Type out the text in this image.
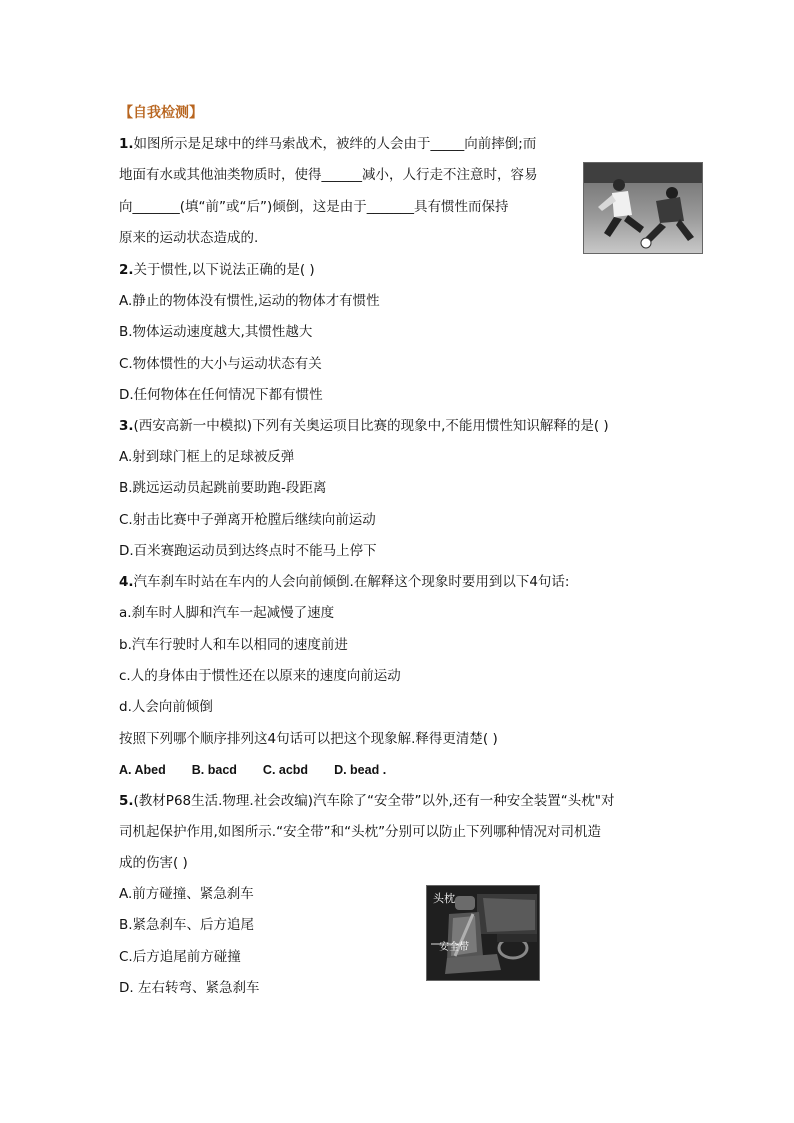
【自我检测】
1.如图所示是足球中的绊马索战术，被绊的人会由于_____向前摔倒;而
地面有水或其他油类物质时，使得______减小，人行走不注意时，容易
向_______(填“前”或“后”)倾倒，这是由于_______具有惯性而保持
原来的运动状态造成的.
2.关于惯性,以下说法正确的是( )
A.静止的物体没有惯性,运动的物体才有惯性
B.物体运动速度越大,其惯性越大
C.物体惯性的大小与运动状态有关
D.任何物体在任何情况下都有惯性
3.(西安高新一中模拟)下列有关奥运项目比赛的现象中,不能用惯性知识解释的是( )
A.射到球门框上的足球被反弹
B.跳远运动员起跳前要助跑-段距离
C.射击比赛中子弹离开枪膛后继续向前运动
D.百米赛跑运动员到达终点时不能马上停下
4.汽车刹车时站在车内的人会向前倾倒.在解释这个现象时要用到以下4句话:
a.刹车时人脚和汽车一起减慢了速度
b.汽车行驶时人和车以相同的速度前进
c.人的身体由于惯性还在以原来的速度向前运动
d.人会向前倾倒
按照下列哪个顺序排列这4句话可以把这个现象解.释得更清楚( )
A. Abed B. bacd C. acbd D. bead .
5.(教材P68生活.物理.社会改编)汽车除了“安全带”以外,还有一种安全装置“头枕"对
司机起保护作用,如图所示.“安全带”和“头枕”分别可以防止下列哪种情况对司机造
成的伤害( )
A.前方碰撞、紧急刹车
B.紧急刹车、后方追尾
C.后方追尾前方碰撞
D. 左右转弯、紧急刹车
头枕
安全带
